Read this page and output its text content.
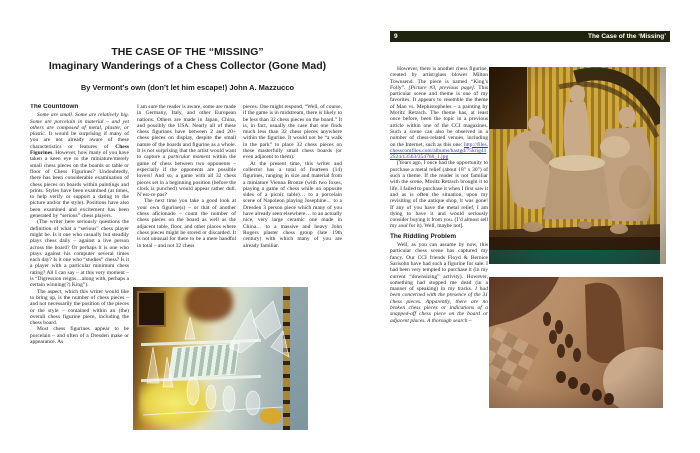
THE CASE OF THE “MISSING”
Imaginary Wanderings of a Chess Collector (Gone Mad)
By Vermont’s own (don’t let him escape!) John A. Mazzucco
The Countdown

Some are small. Some are relatively big. Some are porcelain in material – and yet others are composed of metal, plaster, or plastic. It would be surprising if many of you are not already aware of these characteristics or features of Chess Figurines. However, how many of you have taken a keen eye to the miniature/merely small chess pieces on the boards or table or floor of Chess Figurines? Undoubtedly, there has been considerable examination of chess pieces on boards within paintings and prints. Styles have been examined (at times, to help verify or support a dating to the picture and/or the style). Positions have also been examined and excitement has been generated by “serious” chess players.

(The writer here seriously questions the definition of what a “serious” chess player might be. Is it one who casually but steadily plays chess daily – against a live person across the board? Or perhaps it is one who plays against his computer several times each day? Is it one who “studies” chess? Is it a player with a particular minimum chess rating? All I can say – at this very moment – is “Digression reigns…along with, perhaps a certain winning(?) King”).

The aspect, which this writer would like to bring up, is the number of chess pieces – and not necessarily the position of the pieces or the style – contained within an (the) overall chess figurine piece, including the chess board.

Most chess figurines appear to be porcelain – and often of a Dresden make or appearance. As

I am sure the reader is aware, some are made in Germany, Italy, and other European nations. Others are made in Japan, China, and possibly the USA. Nearly all of these chess figurines have between 2 and 20+ chess pieces on display, despite the small nature of the boards and figurine as a whole. It is not surprising that the artist would want to capture a particular moment within the game of chess between two opponents – especially if the opponents are possible lovers! And so, a game with all 32 chess pieces set in a beginning position (before the clock is punched) would appear rather dull. N’est-ce pas?

The next time you take a good look at your own figurine(s) – or that of another chess aficionado – count the number of chess pieces on the board as well as the adjacent table, floor, and other places where chess pieces might be stored or discarded. It is not unusual for there to be a mere handful in total – and not 32 chess

pieces. One might respond, “Well, of course, if the game is in midstream, there is likely to be less than 32 chess pieces on the board.” It is, in fact, usually the case that one finds much less than 32 chess pieces anywhere within the figurine. It would not be “a walk in the park” to place 32 chess pieces on these masterfully small chess boards (or even adjacent to them).

At the present time, this writer and collector has a total of fourteen (14) figurines, ranging in size and material from a miniature Vienna Bronze (with two foxes, playing a game of chess while on opposite sides of a picnic table)… to a porcelain scene of Napoleon playing Josephine… to a Dresden 3 person piece which many of you have already seen elsewhere… to an actually nice, very large ceramic one made in China… to a massive and heavy John Rogers plaster chess group (late 19th century) with which many of you are already familiar.

9	The Case of the ‘Missing’

However, there is another chess figurine, created by artist/glass blower Milton Townsend. The piece is named “King’s Folly”. [Picture #3, previous page]. This particular scene and theme is one of my favorites. It appears to resemble the theme of Man vs. Mephistopheles – a painting by Moritz Retzsch. The theme has, at least once before, been the topic in a previous article within one of the CCI magazines. Such a scene can also be observed in a number of chess-related venues, including on the Internet, such as this one: http://files.chesscomfiles.com/albums/hastgd/75krig412524/13563/354768_1.jpg

[Years ago, I once had the opportunity to purchase a metal relief (about 18″ x 30″) of such a theme. If the reader is not familiar with the scene, Moritz Retzsch brought it to life. I failed to purchase it when I first saw it and as is often the situation, upon my revisiting of the antique shop, it was gone! If any of you have the metal relief, I am dying to have it and would seriously consider buying it from you. (I’d almost sell my soul for it). Well, maybe not].

The Riddling Problem

Well, as you can assume by now, this particular chess scene has captured my fancy. Our CCI friends Floyd & Bernice Sarisohn have had such a figurine for sale. I had been very tempted to purchase it (in my current “downsizing” activity). However, something had stopped me dead (in a manner of speaking) in my tracks. I had been concerned with the presence of the 31 chess pieces. Apparently, there are no broken chess pieces or indications of a snapped-off chess piece on the board or adjacent places. A thorough search –
